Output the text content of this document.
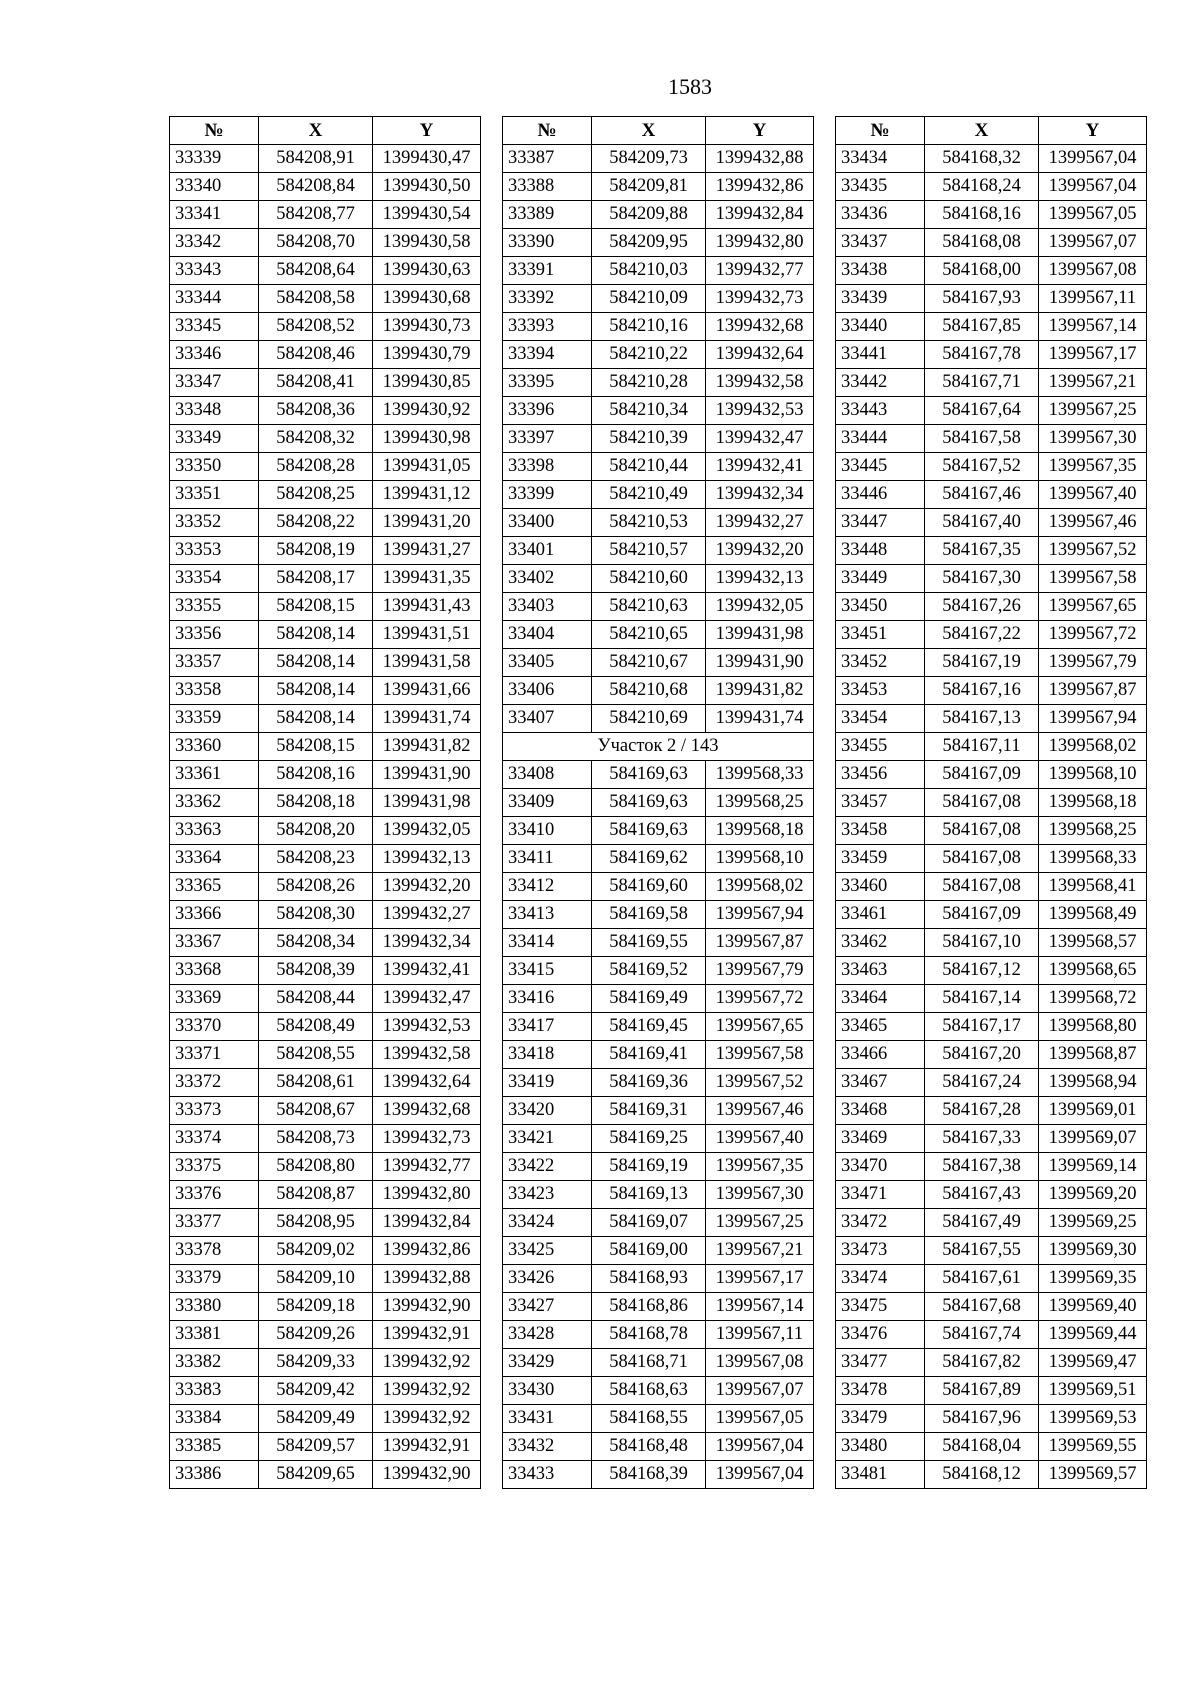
1583
№	X	Y
33339	584208,91	1399430,47
33340	584208,84	1399430,50
33341	584208,77	1399430,54
33342	584208,70	1399430,58
33343	584208,64	1399430,63
33344	584208,58	1399430,68
33345	584208,52	1399430,73
33346	584208,46	1399430,79
33347	584208,41	1399430,85
33348	584208,36	1399430,92
33349	584208,32	1399430,98
33350	584208,28	1399431,05
33351	584208,25	1399431,12
33352	584208,22	1399431,20
33353	584208,19	1399431,27
33354	584208,17	1399431,35
33355	584208,15	1399431,43
33356	584208,14	1399431,51
33357	584208,14	1399431,58
33358	584208,14	1399431,66
33359	584208,14	1399431,74
33360	584208,15	1399431,82
33361	584208,16	1399431,90
33362	584208,18	1399431,98
33363	584208,20	1399432,05
33364	584208,23	1399432,13
33365	584208,26	1399432,20
33366	584208,30	1399432,27
33367	584208,34	1399432,34
33368	584208,39	1399432,41
33369	584208,44	1399432,47
33370	584208,49	1399432,53
33371	584208,55	1399432,58
33372	584208,61	1399432,64
33373	584208,67	1399432,68
33374	584208,73	1399432,73
33375	584208,80	1399432,77
33376	584208,87	1399432,80
33377	584208,95	1399432,84
33378	584209,02	1399432,86
33379	584209,10	1399432,88
33380	584209,18	1399432,90
33381	584209,26	1399432,91
33382	584209,33	1399432,92
33383	584209,42	1399432,92
33384	584209,49	1399432,92
33385	584209,57	1399432,91
33386	584209,65	1399432,90
№	X	Y
33387	584209,73	1399432,88
33388	584209,81	1399432,86
33389	584209,88	1399432,84
33390	584209,95	1399432,80
33391	584210,03	1399432,77
33392	584210,09	1399432,73
33393	584210,16	1399432,68
33394	584210,22	1399432,64
33395	584210,28	1399432,58
33396	584210,34	1399432,53
33397	584210,39	1399432,47
33398	584210,44	1399432,41
33399	584210,49	1399432,34
33400	584210,53	1399432,27
33401	584210,57	1399432,20
33402	584210,60	1399432,13
33403	584210,63	1399432,05
33404	584210,65	1399431,98
33405	584210,67	1399431,90
33406	584210,68	1399431,82
33407	584210,69	1399431,74
Участок 2 / 143		
33408	584169,63	1399568,33
33409	584169,63	1399568,25
33410	584169,63	1399568,18
33411	584169,62	1399568,10
33412	584169,60	1399568,02
33413	584169,58	1399567,94
33414	584169,55	1399567,87
33415	584169,52	1399567,79
33416	584169,49	1399567,72
33417	584169,45	1399567,65
33418	584169,41	1399567,58
33419	584169,36	1399567,52
33420	584169,31	1399567,46
33421	584169,25	1399567,40
33422	584169,19	1399567,35
33423	584169,13	1399567,30
33424	584169,07	1399567,25
33425	584169,00	1399567,21
33426	584168,93	1399567,17
33427	584168,86	1399567,14
33428	584168,78	1399567,11
33429	584168,71	1399567,08
33430	584168,63	1399567,07
33431	584168,55	1399567,05
33432	584168,48	1399567,04
33433	584168,39	1399567,04
№	X	Y
33434	584168,32	1399567,04
33435	584168,24	1399567,04
33436	584168,16	1399567,05
33437	584168,08	1399567,07
33438	584168,00	1399567,08
33439	584167,93	1399567,11
33440	584167,85	1399567,14
33441	584167,78	1399567,17
33442	584167,71	1399567,21
33443	584167,64	1399567,25
33444	584167,58	1399567,30
33445	584167,52	1399567,35
33446	584167,46	1399567,40
33447	584167,40	1399567,46
33448	584167,35	1399567,52
33449	584167,30	1399567,58
33450	584167,26	1399567,65
33451	584167,22	1399567,72
33452	584167,19	1399567,79
33453	584167,16	1399567,87
33454	584167,13	1399567,94
33455	584167,11	1399568,02
33456	584167,09	1399568,10
33457	584167,08	1399568,18
33458	584167,08	1399568,25
33459	584167,08	1399568,33
33460	584167,08	1399568,41
33461	584167,09	1399568,49
33462	584167,10	1399568,57
33463	584167,12	1399568,65
33464	584167,14	1399568,72
33465	584167,17	1399568,80
33466	584167,20	1399568,87
33467	584167,24	1399568,94
33468	584167,28	1399569,01
33469	584167,33	1399569,07
33470	584167,38	1399569,14
33471	584167,43	1399569,20
33472	584167,49	1399569,25
33473	584167,55	1399569,30
33474	584167,61	1399569,35
33475	584167,68	1399569,40
33476	584167,74	1399569,44
33477	584167,82	1399569,47
33478	584167,89	1399569,51
33479	584167,96	1399569,53
33480	584168,04	1399569,55
33481	584168,12	1399569,57
